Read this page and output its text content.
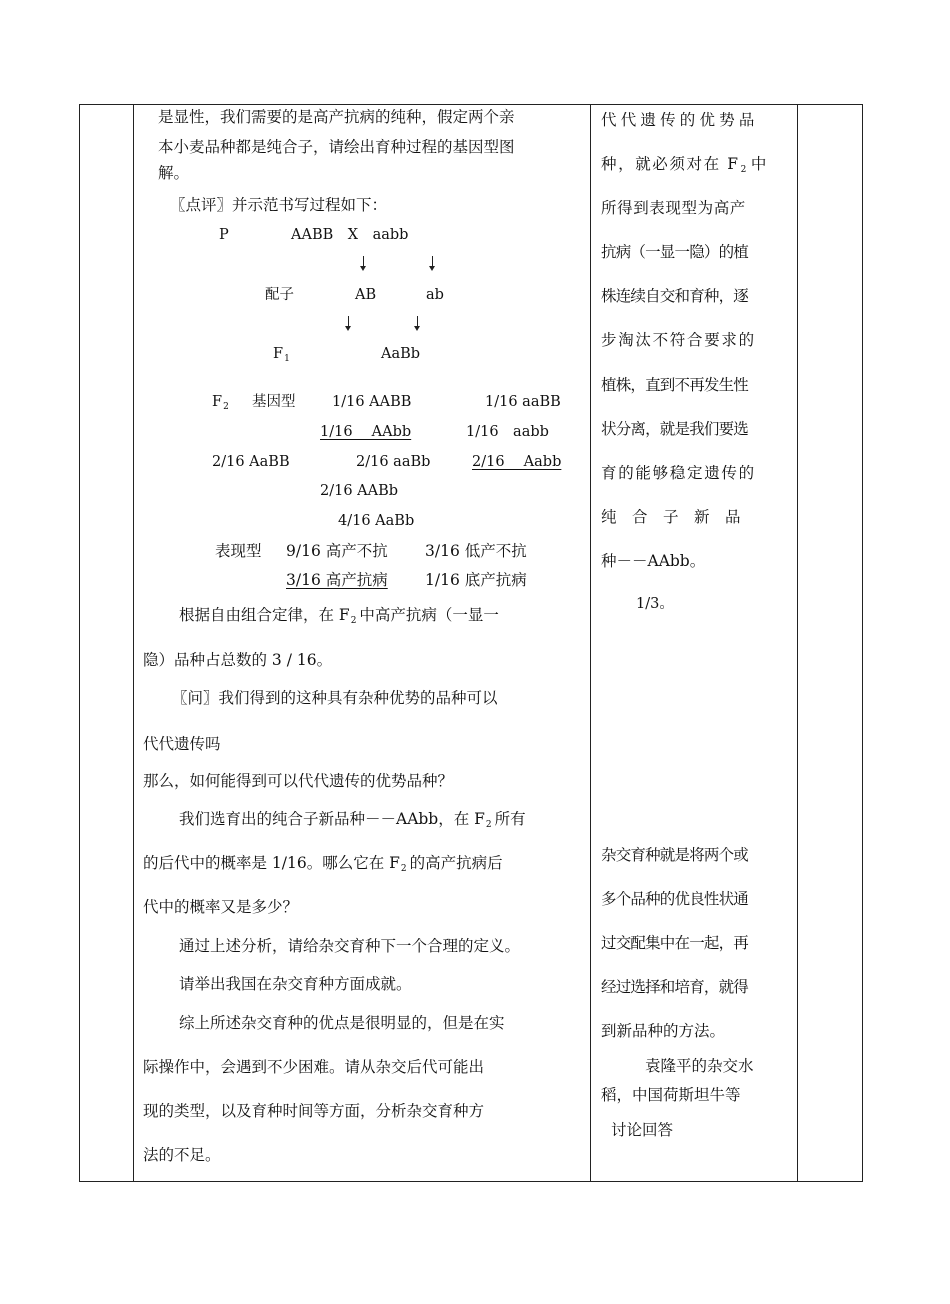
是显性，我们需要的是高产抗病的纯种，假定两个亲
本小麦品种都是纯合子，请绘出育种过程的基因型图
解。
〖点评〗并示范书写过程如下：
P	AABB　X　aabb
配子	AB	ab
$F_1$	AaBb
$F_2$ 基因型	1/16 AABB	1/16 aaBB
1/16　 AAbb	1/16　aabb
2/16 AaBB	2/16 aaBb	2/16　 Aabb
2/16 AABb
4/16 AaBb
表现型 9/16 高产不抗 3/16 低产不抗
3/16 高产抗病 1/16 底产抗病
根据自由组合定律，在 $F_2$ 中高产抗病（一显一
隐）品种占总数的 3 / 16。
〖问〗我们得到的这种具有杂种优势的品种可以
代代遗传吗
那么，如何能得到可以代代遗传的优势品种？
我们选育出的纯合子新品种－－AAbb，在 $F_2$ 所有
的后代中的概率是 1/16。哪么它在 $F_2$ 的高产抗病后
代中的概率又是多少？
通过上述分析，请给杂交育种下一个合理的定义。
请举出我国在杂交育种方面成就。
综上所述杂交育种的优点是很明显的，但是在实
际操作中，会遇到不少困难。请从杂交后代可能出
现的类型，以及育种时间等方面，分析杂交育种方
法的不足。
代代遗传的优势品
种，就必须对在 $F_2$ 中
所得到表现型为高产
抗病（一显一隐）的植
株连续自交和育种，逐
步淘汰不符合要求的
植株，直到不再发生性
状分离，就是我们要选
育的能够稳定遗传的
纯　合　子　新　品
种－－AAbb。
1/3。
杂交育种就是将两个或
多个品种的优良性状通
过交配集中在一起，再
经过选择和培育，就得
到新品种的方法。
袁隆平的杂交水
稻，中国荷斯坦牛等
讨论回答
